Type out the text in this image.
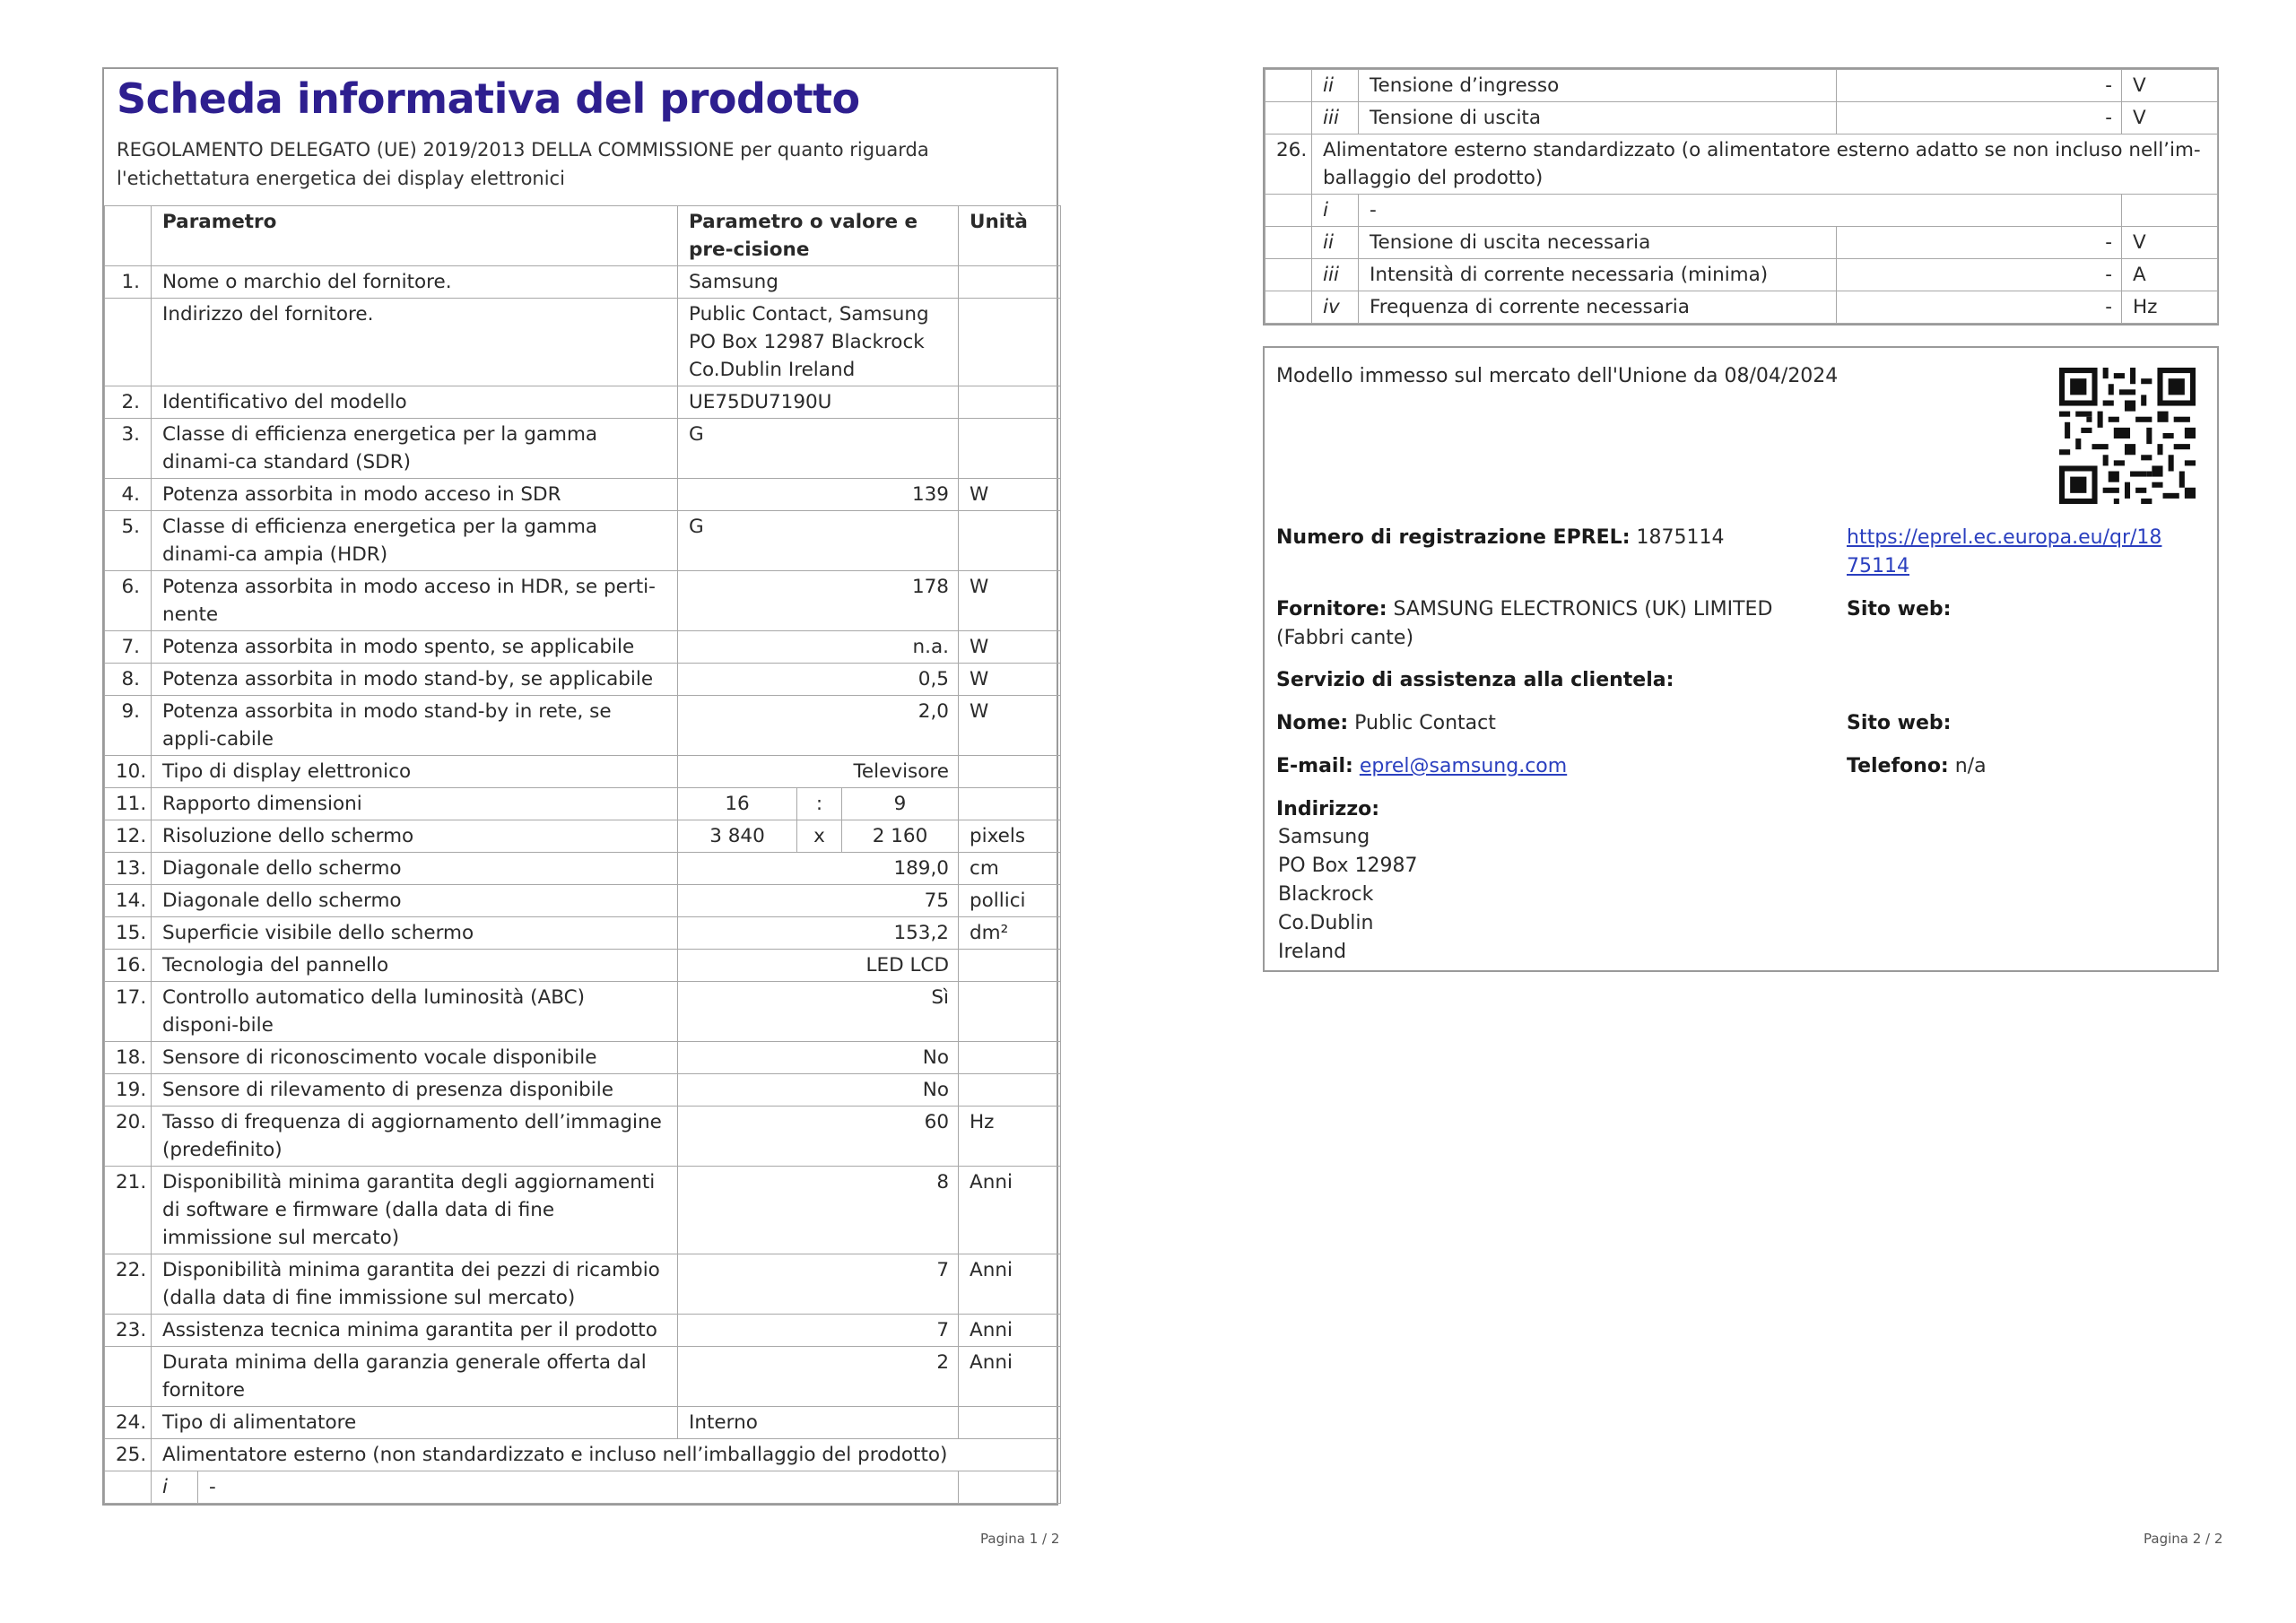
Scheda informativa del prodotto
REGOLAMENTO DELEGATO (UE) 2019/2013 DELLA COMMISSIONE per quanto riguarda l'etichettatura energetica dei display elettronici
	Parametro		Parametro o valore e pre-cisione			Unità
1.	Nome o marchio del fornitore.		Samsung			
	Indirizzo del fornitore.		Public Contact, Samsung PO Box 12987 Blackrock Co.Dublin Ireland			
2.	Identificativo del modello		UE75DU7190U			
3.	Classe di efficienza energetica per la gamma dinami-ca standard (SDR)		G			
4.	Potenza assorbita in modo acceso in SDR		139			W
5.	Classe di efficienza energetica per la gamma dinami-ca ampia (HDR)		G			
6.	Potenza assorbita in modo acceso in HDR, se perti-nente		178			W
7.	Potenza assorbita in modo spento, se applicabile		n.a.			W
8.	Potenza assorbita in modo stand-by, se applicabile		0,5			W
9.	Potenza assorbita in modo stand-by in rete, se appli-cabile		2,0			W
10.	Tipo di display elettronico		Televisore			
11.	Rapporto dimensioni		16	:	9	
12.	Risoluzione dello schermo		3 840	x	2 160	pixels
13.	Diagonale dello schermo		189,0			cm
14.	Diagonale dello schermo		75			pollici
15.	Superficie visibile dello schermo		153,2			dm²
16.	Tecnologia del pannello		LED LCD			
17.	Controllo automatico della luminosità (ABC) disponi-bile		Sì			
18.	Sensore di riconoscimento vocale disponibile		No			
19.	Sensore di rilevamento di presenza disponibile		No			
20.	Tasso di frequenza di aggiornamento dell’immagine (predefinito)		60			Hz
21.	Disponibilità minima garantita degli aggiornamenti di software e firmware (dalla data di fine immissione sul mercato)		8			Anni
22.	Disponibilità minima garantita dei pezzi di ricambio (dalla data di fine immissione sul mercato)		7			Anni
23.	Assistenza tecnica minima garantita per il prodotto		7			Anni
	Durata minima della garanzia generale offerta dal fornitore		2			Anni
24.	Tipo di alimentatore		Interno			
25.	Alimentatore esterno (non standardizzato e incluso nell’imballaggio del prodotto)					
	i	-				
Pagina 1 / 2
	ii	Tensione d’ingresso	-	V
	iii	Tensione di uscita	-	V
26.	Alimentatore esterno standardizzato (o alimentatore esterno adatto se non incluso nell’im-ballaggio del prodotto)			
	i	-		
	ii	Tensione di uscita necessaria	-	V
	iii	Intensità di corrente necessaria (minima)	-	A
	iv	Frequenza di corrente necessaria	-	Hz
Modello immesso sul mercato dell'Unione da 08/04/2024
Numero di registrazione EPREL: 1875114	https://eprel.ec.europa.eu/qr/18
75114
Fornitore: SAMSUNG ELECTRONICS (UK) LIMITED (Fabbri cante)
Sito web:
Servizio di assistenza alla clientela:
Nome: Public Contact	Sito web:
E-mail: eprel@samsung.com	Telefono: n/a
Indirizzo:
Samsung
PO Box 12987
Blackrock
Co.Dublin
Ireland
Pagina 2 / 2
